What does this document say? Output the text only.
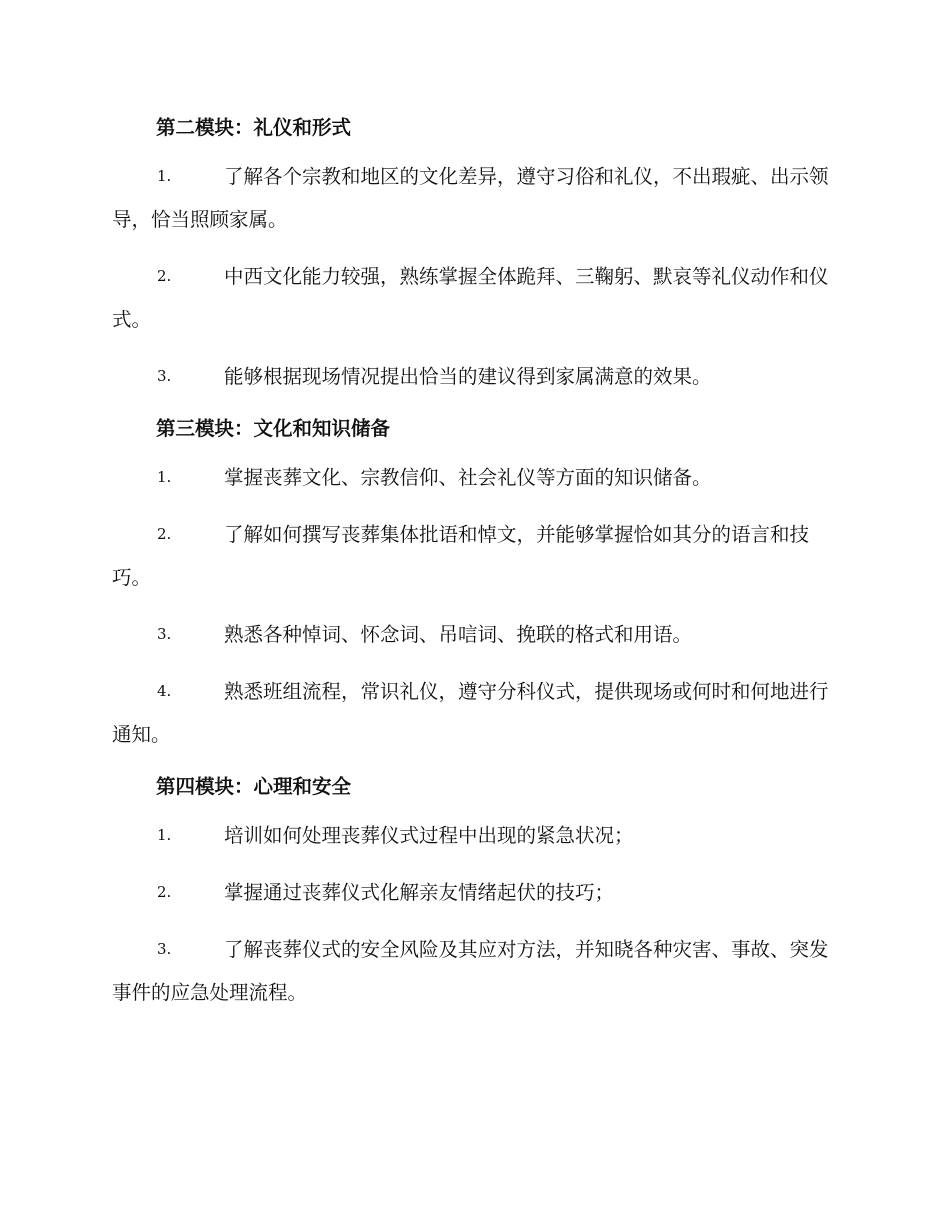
第二模块：礼仪和形式

1.	了解各个宗教和地区的文化差异，遵守习俗和礼仪，不出瑕疵、出示领导，恰当照顾家属。

2.	中西文化能力较强，熟练掌握全体跪拜、三鞠躬、默哀等礼仪动作和仪式。

3.	能够根据现场情况提出恰当的建议得到家属满意的效果。

第三模块：文化和知识储备

1.	掌握丧葬文化、宗教信仰、社会礼仪等方面的知识储备。

2.	了解如何撰写丧葬集体批语和悼文，并能够掌握恰如其分的语言和技巧。

3.	熟悉各种悼词、怀念词、吊唁词、挽联的格式和用语。

4.	熟悉班组流程，常识礼仪，遵守分科仪式，提供现场或何时和何地进行通知。

第四模块：心理和安全

1.	培训如何处理丧葬仪式过程中出现的紧急状况；

2.	掌握通过丧葬仪式化解亲友情绪起伏的技巧；

3.	了解丧葬仪式的安全风险及其应对方法，并知晓各种灾害、事故、突发事件的应急处理流程。
